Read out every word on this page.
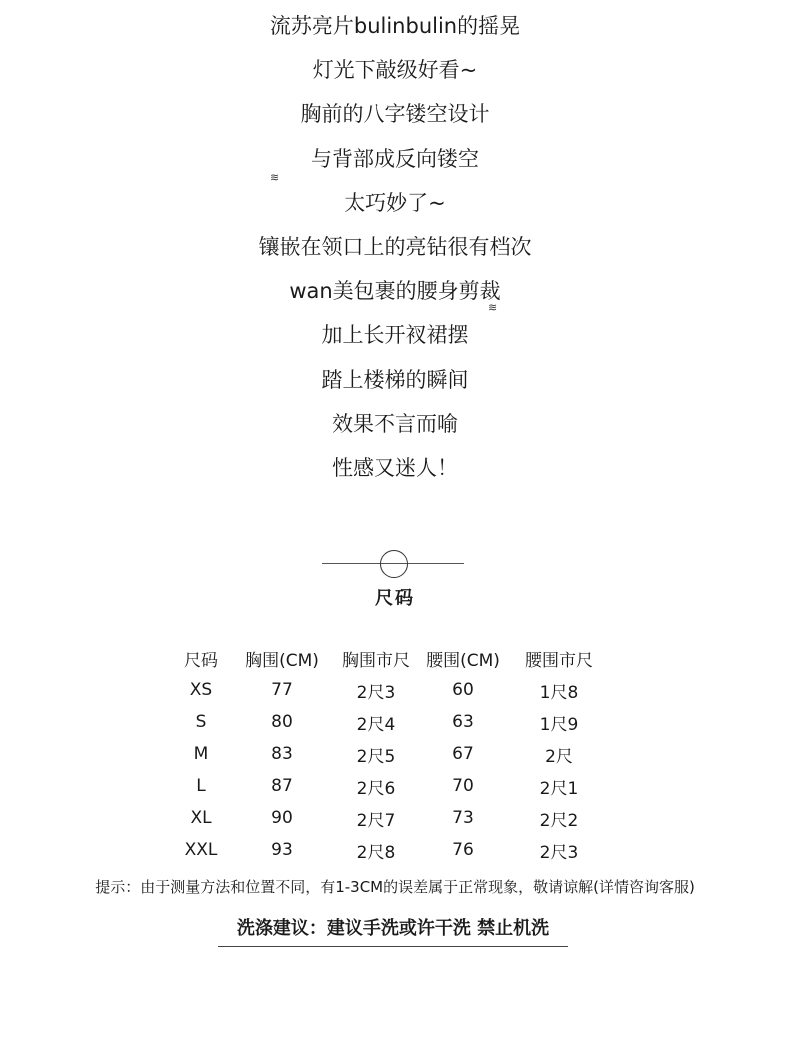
流苏亮片bulinbulin的摇晃
灯光下敲级好看~
胸前的八字镂空设计
与背部成反向镂空
太巧妙了~
镶嵌在领口上的亮钻很有档次
wan美包裹的腰身剪裁
加上长开衩裙摆
踏上楼梯的瞬间
效果不言而喻
性感又迷人！
≋
≋
尺码
尺码	胸围(CM)	胸围市尺	腰围(CM)	腰围市尺
XS	77	2尺3	60	1尺8
S	80	2尺4	63	1尺9
M	83	2尺5	67	2尺
L	87	2尺6	70	2尺1
XL	90	2尺7	73	2尺2
XXL	93	2尺8	76	2尺3
提示：由于测量方法和位置不同，有1-3CM的误差属于正常现象，敬请谅解(详情咨询客服)
洗涤建议：建议手洗或许干洗 禁止机洗
